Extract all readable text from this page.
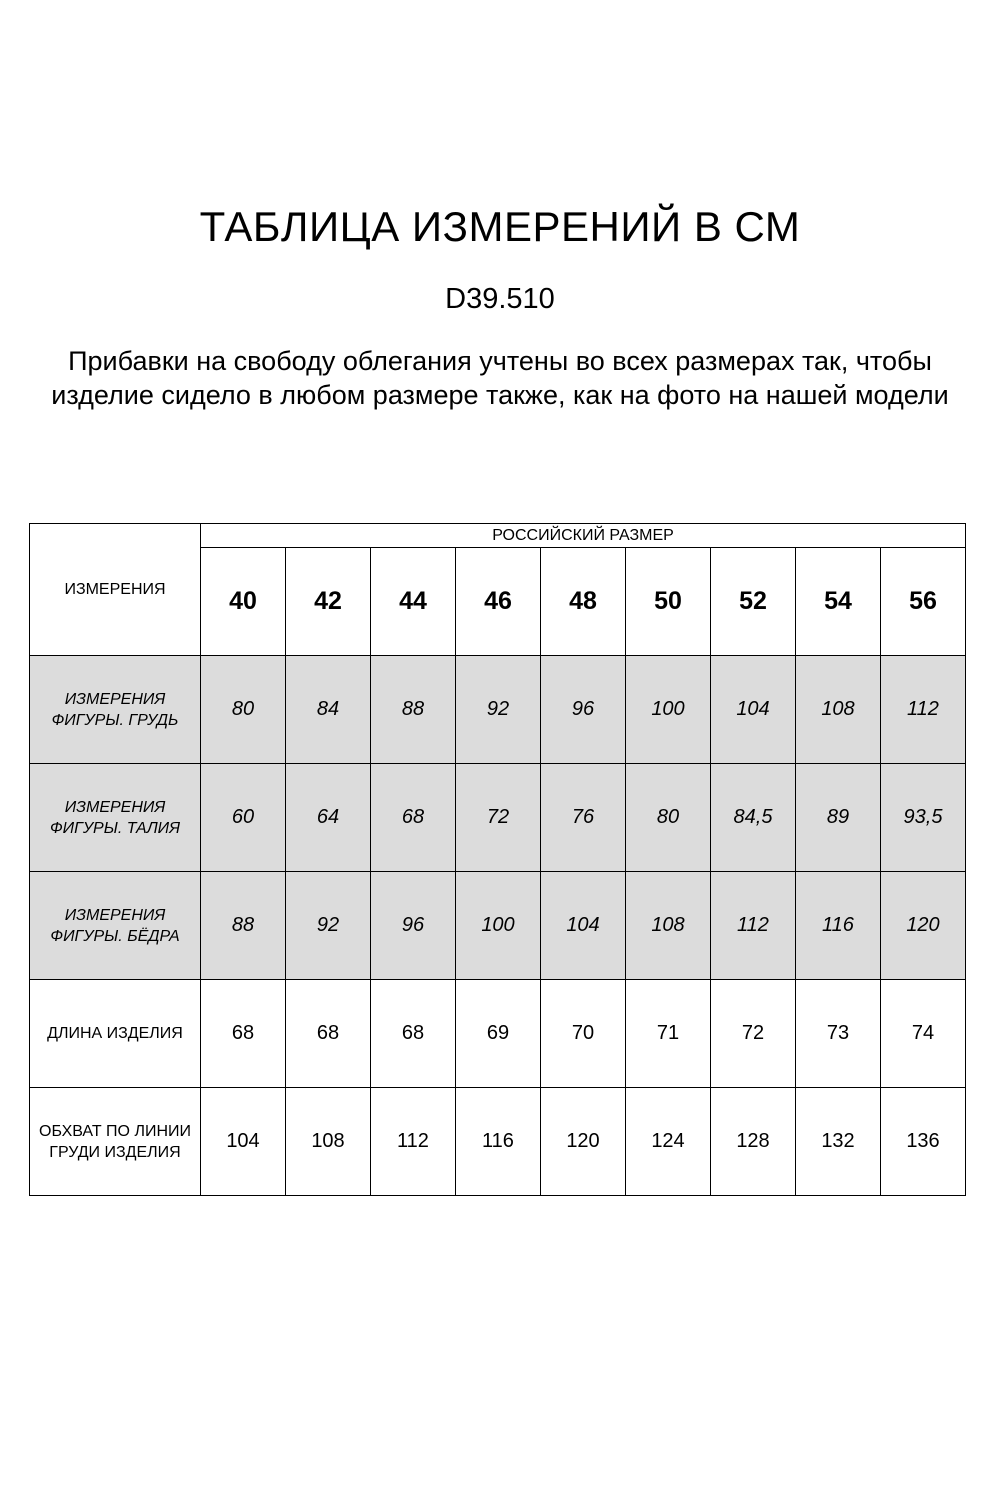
ТАБЛИЦА ИЗМЕРЕНИЙ В СМ
D39.510
Прибавки на свободу облегания учтены во всех размерах так, чтобы изделие сидело в любом размере также, как на фото на нашей модели
ИЗМЕРЕНИЯ	РОССИЙСКИЙ РАЗМЕР								
	40	42	44	46	48	50	52	54	56
ИЗМЕРЕНИЯ ФИГУРЫ. ГРУДЬ	80	84	88	92	96	100	104	108	112
ИЗМЕРЕНИЯ ФИГУРЫ. ТАЛИЯ	60	64	68	72	76	80	84,5	89	93,5
ИЗМЕРЕНИЯ ФИГУРЫ. БЁДРА	88	92	96	100	104	108	112	116	120
ДЛИНА ИЗДЕЛИЯ	68	68	68	69	70	71	72	73	74
ОБХВАТ ПО ЛИНИИ ГРУДИ ИЗДЕЛИЯ	104	108	112	116	120	124	128	132	136
